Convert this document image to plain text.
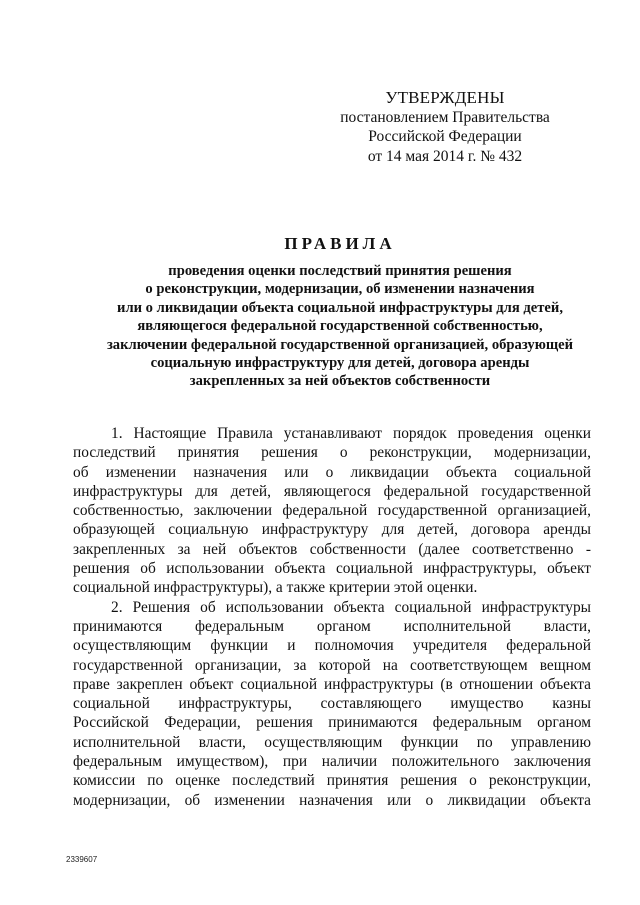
УТВЕРЖДЕНЫ
постановлением Правительства
Российской Федерации
от 14 мая 2014 г. № 432
ПРАВИЛА
проведения оценки последствий принятия решения
о реконструкции, модернизации, об изменении назначения
или о ликвидации объекта социальной инфраструктуры для детей,
являющегося федеральной государственной собственностью,
заключении федеральной государственной организацией, образующей
социальную инфраструктуру для детей, договора аренды
закрепленных за ней объектов собственности
1. Настоящие Правила устанавливают порядок проведения оценки
последствий принятия решения о реконструкции, модернизации,
об изменении назначения или о ликвидации объекта социальной
инфраструктуры для детей, являющегося федеральной государственной
собственностью, заключении федеральной государственной организацией,
образующей социальную инфраструктуру для детей, договора аренды
закрепленных за ней объектов собственности (далее соответственно -
решения об использовании объекта социальной инфраструктуры, объект
социальной инфраструктуры), а также критерии этой оценки.
2. Решения об использовании объекта социальной инфраструктуры
принимаются федеральным органом исполнительной власти,
осуществляющим функции и полномочия учредителя федеральной
государственной организации, за которой на соответствующем вещном
праве закреплен объект социальной инфраструктуры (в отношении объекта
социальной инфраструктуры, составляющего имущество казны
Российской Федерации, решения принимаются федеральным органом
исполнительной власти, осуществляющим функции по управлению
федеральным имуществом), при наличии положительного заключения
комиссии по оценке последствий принятия решения о реконструкции,
модернизации, об изменении назначения или о ликвидации объекта
2339607
